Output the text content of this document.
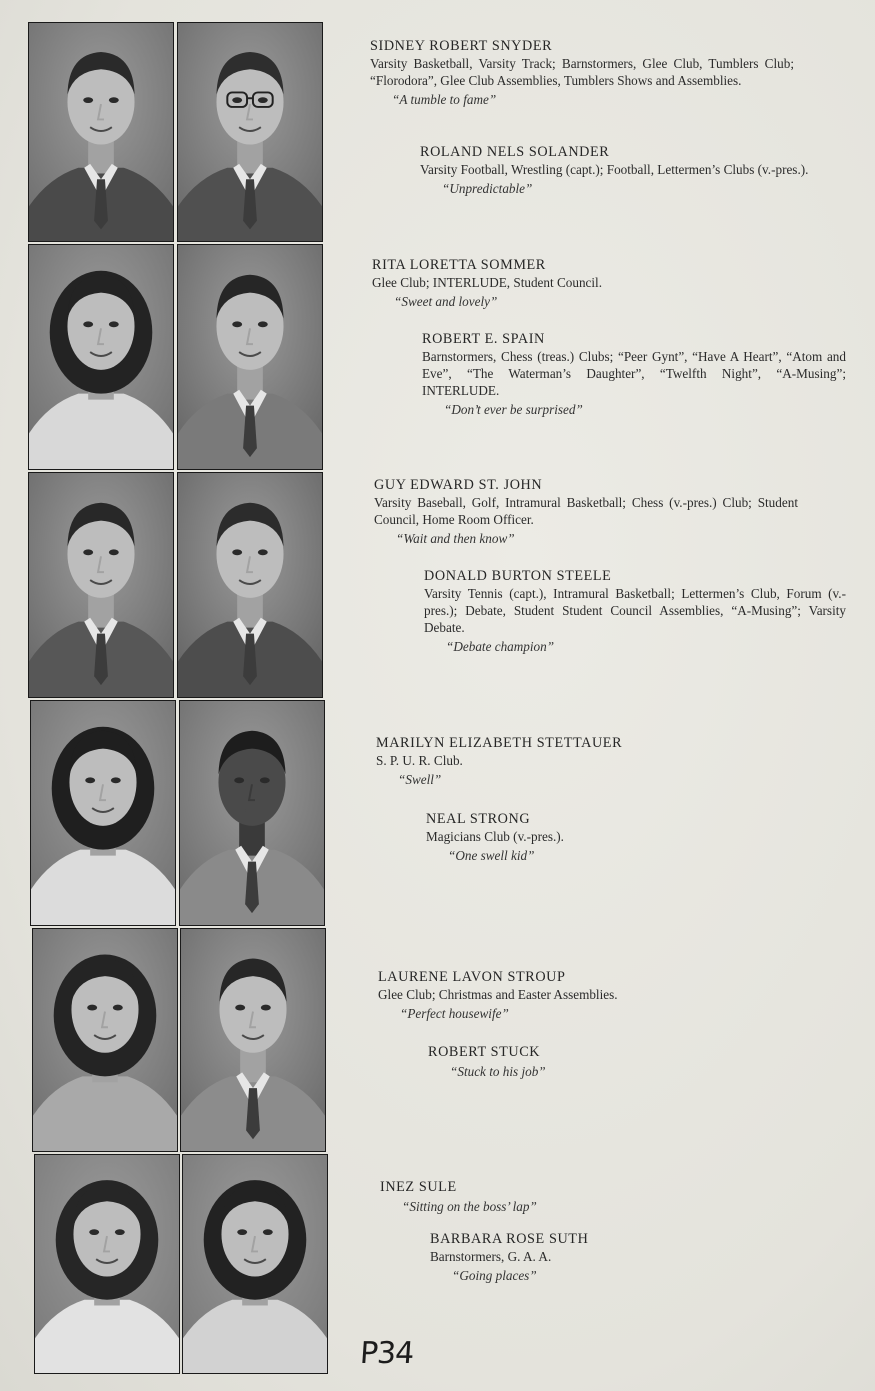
SIDNEY ROBERT SNYDER
Varsity Basketball, Varsity Track; Barnstormers, Glee Club, Tumblers Club; “Florodora”, Glee Club Assemblies, Tumblers Shows and Assemblies.
“ A tumble to fame ”
ROLAND NELS SOLANDER
Varsity Football, Wrestling (capt.); Football, Lettermen’s Clubs (v.-pres.).
“ Unpredictable ”
RITA LORETTA SOMMER
Glee Club; INTERLUDE, Student Council.
“ Sweet and lovely ”
ROBERT E. SPAIN
Barnstormers, Chess (treas.) Clubs; “Peer Gynt”, “Have A Heart”, “Atom and Eve”, “The Waterman’s Daughter”, “Twelfth Night”, “A-Musing”; INTERLUDE.
“ Don’t ever be surprised ”
GUY EDWARD ST. JOHN
Varsity Baseball, Golf, Intramural Basketball; Chess (v.-pres.) Club; Student Council, Home Room Officer.
“ Wait and then know ”
DONALD BURTON STEELE
Varsity Tennis (capt.), Intramural Basketball; Lettermen’s Club, Forum (v.-pres.); Debate, Student Student Council Assemblies, “A-Musing”; Varsity Debate.
“ Debate champion ”
MARILYN ELIZABETH STETTAUER
S. P. U. R. Club.
“ Swell ”
NEAL STRONG
Magicians Club (v.-pres.).
“ One swell kid ”
LAURENE LAVON STROUP
Glee Club; Christmas and Easter Assemblies.
“ Perfect housewife ”
ROBERT STUCK
“ Stuck to his job ”
INEZ SULE
“ Sitting on the boss’ lap ”
BARBARA ROSE SUTH
Barnstormers, G. A. A.
“ Going places ”
P34
